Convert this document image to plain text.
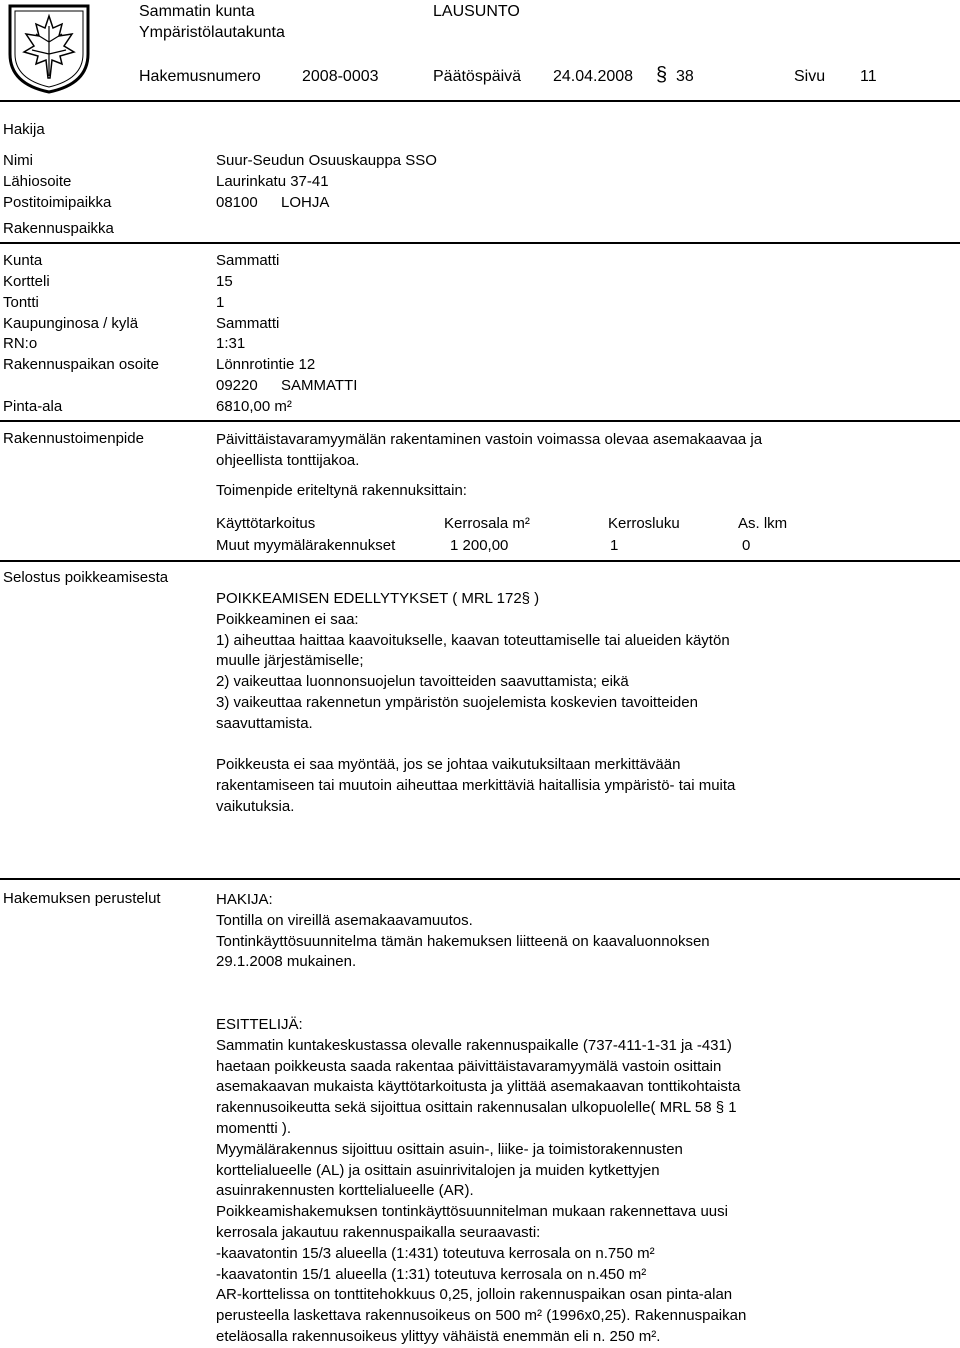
Sammatin kunta
Ympäristölautakunta
LAUSUNTO
Hakemusnumero	2008-0003	Päätöspäivä 24.04.2008 § 38	Sivu 11
Hakija
Nimi	Suur-Seudun Osuuskauppa SSO
Lähiosoite	Laurinkatu 37-41
Postitoimipaikka	08100 LOHJA
Rakennuspaikka
Kunta	Sammatti
Kortteli	15
Tontti	1
Kaupunginosa / kylä	Sammatti
RN:o	1:31
Rakennuspaikan osoite	Lönnrotintie 12
09220 SAMMATTI
Pinta-ala	6810,00 m²
Rakennustoimenpide	Päivittäistavaramyymälän rakentaminen vastoin voimassa olevaa asemakaavaa ja
ohjeellista tonttijakoa.
Toimenpide eriteltynä rakennuksittain:
Käyttötarkoitus	Kerrosala m²	Kerrosluku	As. lkm
Muut myymälärakennukset	1 200,00	1	0
Selostus poikkeamisesta
POIKKEAMISEN EDELLYTYKSET ( MRL 172§ )
Poikkeaminen ei saa:
1) aiheuttaa haittaa kaavoitukselle, kaavan toteuttamiselle tai alueiden käytön
muulle järjestämiselle;
2) vaikeuttaa luonnonsuojelun tavoitteiden saavuttamista; eikä
3) vaikeuttaa rakennetun ympäristön suojelemista koskevien tavoitteiden
saavuttamista.
Poikkeusta ei saa myöntää, jos se johtaa vaikutuksiltaan merkittävään
rakentamiseen tai muutoin aiheuttaa merkittäviä haitallisia ympäristö- tai muita
vaikutuksia.
Hakemuksen perustelut	HAKIJA:
Tontilla on vireillä asemakaavamuutos.
Tontinkäyttösuunnitelma tämän hakemuksen liitteenä on kaavaluonnoksen
29.1.2008 mukainen.
ESITTELIJÄ:
Sammatin kuntakeskustassa olevalle rakennuspaikalle (737-411-1-31 ja -431)
haetaan poikkeusta saada rakentaa päivittäistavaramyymälä vastoin osittain
asemakaavan mukaista käyttötarkoitusta ja ylittää asemakaavan tonttikohtaista
rakennusoikeutta sekä sijoittua osittain rakennusalan ulkopuolelle( MRL 58 § 1
momentti ).
Myymälärakennus sijoittuu osittain asuin-, liike- ja toimistorakennusten
korttelialueelle (AL) ja osittain asuinrivitalojen ja muiden kytkettyjen
asuinrakennusten korttelialueelle (AR).
Poikkeamishakemuksen tontinkäyttösuunnitelman mukaan rakennettava uusi
kerrosala jakautuu rakennuspaikalla seuraavasti:
-kaavatontin 15/3 alueella (1:431) toteutuva kerrosala on n.750 m²
-kaavatontin 15/1 alueella (1:31) toteutuva kerrosala on n.450 m²
AR-korttelissa on tonttitehokkuus 0,25, jolloin rakennuspaikan osan pinta-alan
perusteella laskettava rakennusoikeus on 500 m² (1996x0,25). Rakennuspaikan
eteläosalla rakennusoikeus ylittyy vähäistä enemmän eli n. 250 m².
